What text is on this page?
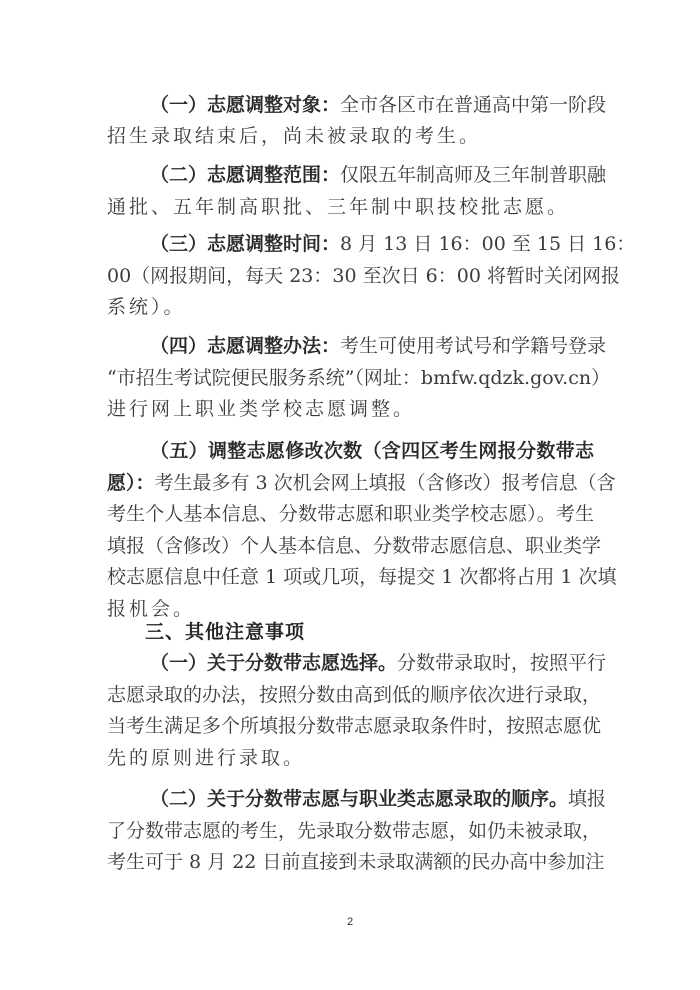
（一）志愿调整对象：全市各区市在普通高中第一阶段
招生录取结束后，尚未被录取的考生。
（二）志愿调整范围：仅限五年制高师及三年制普职融
通批、五年制高职批、三年制中职技校批志愿。
（三）志愿调整时间：8 月 13 日 16：00 至 15 日 16：
00（网报期间，每天 23：30 至次日 6：00 将暂时关闭网报
系统）。
（四）志愿调整办法：考生可使用考试号和学籍号登录
“市招生考试院便民服务系统”（网址：bmfw.qdzk.gov.cn）
进行网上职业类学校志愿调整。
（五）调整志愿修改次数（含四区考生网报分数带志
愿）：考生最多有 3 次机会网上填报（含修改）报考信息（含
考生个人基本信息、分数带志愿和职业类学校志愿）。考生
填报（含修改）个人基本信息、分数带志愿信息、职业类学
校志愿信息中任意 1 项或几项，每提交 1 次都将占用 1 次填
报机会。
三、其他注意事项
（一）关于分数带志愿选择。分数带录取时，按照平行
志愿录取的办法，按照分数由高到低的顺序依次进行录取，
当考生满足多个所填报分数带志愿录取条件时，按照志愿优
先的原则进行录取。
（二）关于分数带志愿与职业类志愿录取的顺序。填报
了分数带志愿的考生，先录取分数带志愿，如仍未被录取，
考生可于 8 月 22 日前直接到未录取满额的民办高中参加注
2
